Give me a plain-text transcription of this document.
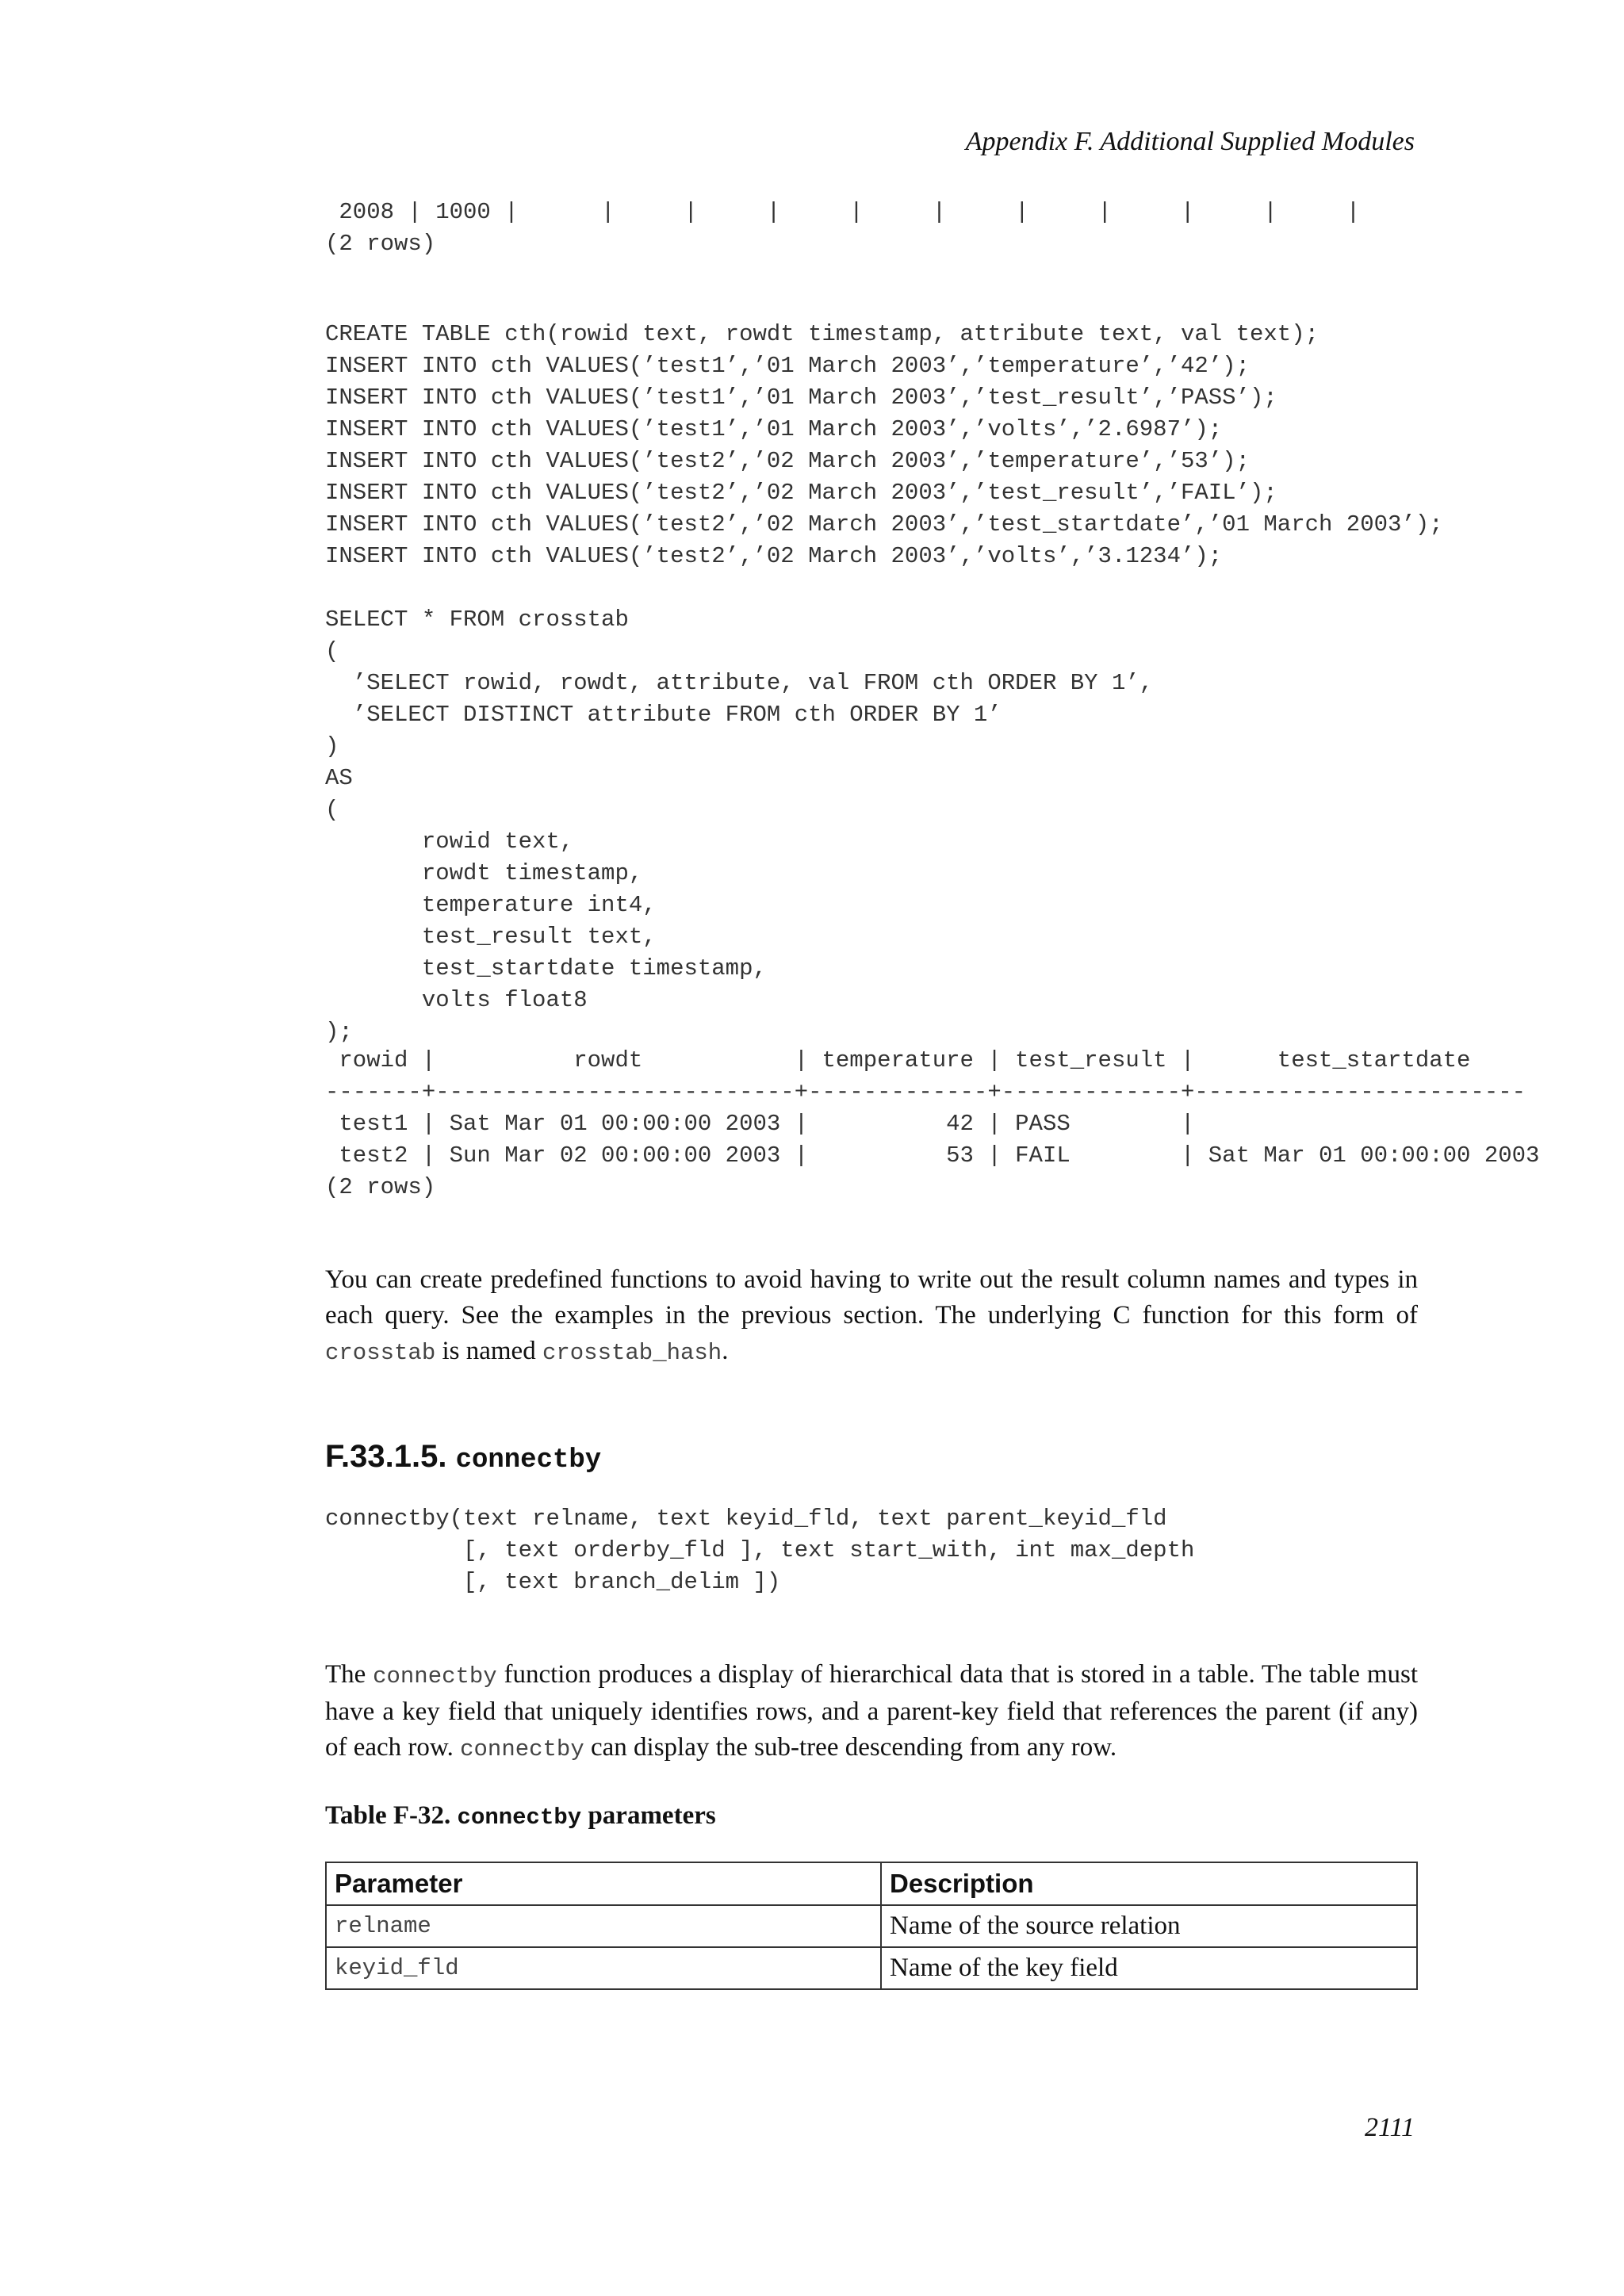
Appendix F. Additional Supplied Modules
2008 | 1000 |      |     |     |     |     |     |     |     |     |     |
(2 rows)
CREATE TABLE cth(rowid text, rowdt timestamp, attribute text, val text);
INSERT INTO cth VALUES(’test1’,’01 March 2003’,’temperature’,’42’);
INSERT INTO cth VALUES(’test1’,’01 March 2003’,’test_result’,’PASS’);
INSERT INTO cth VALUES(’test1’,’01 March 2003’,’volts’,’2.6987’);
INSERT INTO cth VALUES(’test2’,’02 March 2003’,’temperature’,’53’);
INSERT INTO cth VALUES(’test2’,’02 March 2003’,’test_result’,’FAIL’);
INSERT INTO cth VALUES(’test2’,’02 March 2003’,’test_startdate’,’01 March 2003’);
INSERT INTO cth VALUES(’test2’,’02 March 2003’,’volts’,’3.1234’);

SELECT * FROM crosstab
(
’SELECT rowid, rowdt, attribute, val FROM cth ORDER BY 1’,
’SELECT DISTINCT attribute FROM cth ORDER BY 1’
)
AS
(
rowid text,
rowdt timestamp,
temperature int4,
test_result text,
test_startdate timestamp,
volts float8
);
rowid |          rowdt           | temperature | test_result |      test_startdate
-------+--------------------------+-------------+-------------+------------------------
test1 | Sat Mar 01 00:00:00 2003 |          42 | PASS        |
test2 | Sun Mar 02 00:00:00 2003 |          53 | FAIL        | Sat Mar 01 00:00:00 2003
(2 rows)

You can create predefined functions to avoid having to write out the result column names and types in each query. See the examples in the previous section. The underlying C function for this form of crosstab is named crosstab_hash.

F.33.1.5. connectby
connectby(text relname, text keyid_fld, text parent_keyid_fld
[, text orderby_fld ], text start_with, int max_depth
[, text branch_delim ])

The connectby function produces a display of hierarchical data that is stored in a table. The table must have a key field that uniquely identifies rows, and a parent-key field that references the parent (if any) of each row. connectby can display the sub-tree descending from any row.

Table F-32. connectby parameters

Parameter	Description
relname	Name of the source relation
keyid_fld	Name of the key field
2111
